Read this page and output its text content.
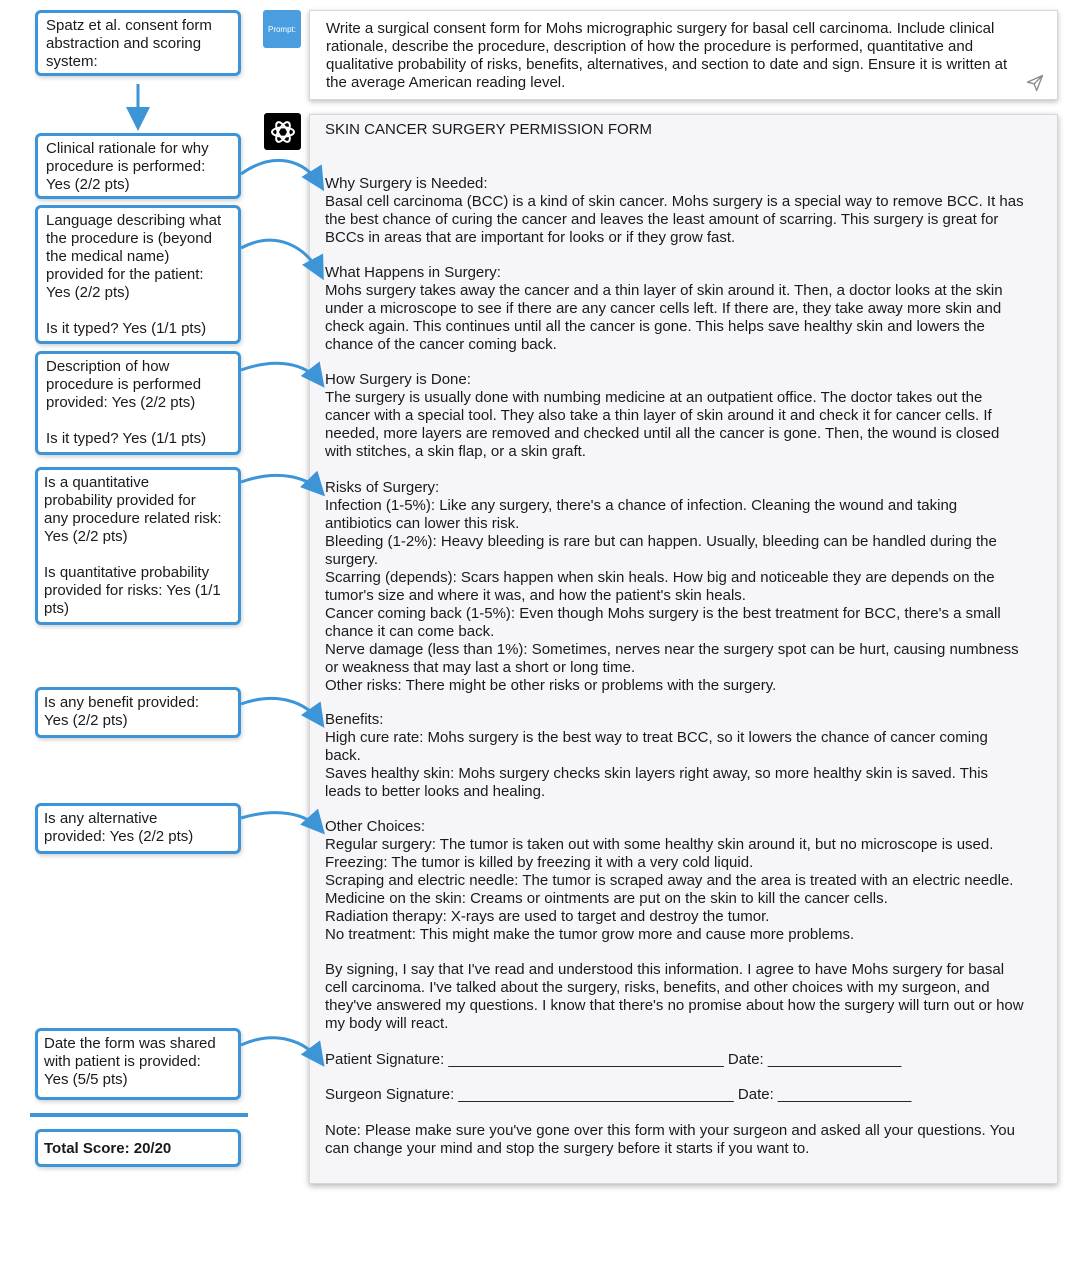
Spatz et al. consent form
abstraction and scoring
system:

Clinical rationale for why
procedure is performed:
Yes (2/2 pts)

Language describing what
the procedure is (beyond
the medical name)
provided for the patient:
Yes (2/2 pts)

Is it typed? Yes (1/1 pts)

Description of how
procedure is performed
provided: Yes (2/2 pts)

Is it typed? Yes (1/1 pts)

Is a quantitative
probability provided for
any procedure related risk:
Yes (2/2 pts)

Is quantitative probability
provided for risks: Yes (1/1
pts)

Is any benefit provided:
Yes (2/2 pts)

Is any alternative
provided: Yes (2/2 pts)

Date the form was shared
with patient is provided:
Yes (5/5 pts)

Total Score: 20/20

Prompt: Write a surgical consent form for Mohs micrographic surgery for basal cell carcinoma. Include clinical
rationale, describe the procedure, description of how the procedure is performed, quantitative and
qualitative probability of risks, benefits, alternatives, and section to date and sign. Ensure it is written at
the average American reading level.
SKIN CANCER SURGERY PERMISSION FORM
Why Surgery is Needed:
Basal cell carcinoma (BCC) is a kind of skin cancer. Mohs surgery is a special way to remove BCC. It has
the best chance of curing the cancer and leaves the least amount of scarring. This surgery is great for
BCCs in areas that are important for looks or if they grow fast.
What Happens in Surgery:
Mohs surgery takes away the cancer and a thin layer of skin around it. Then, a doctor looks at the skin
under a microscope to see if there are any cancer cells left. If there are, they take away more skin and
check again. This continues until all the cancer is gone. This helps save healthy skin and lowers the
chance of the cancer coming back.
How Surgery is Done:
The surgery is usually done with numbing medicine at an outpatient office. The doctor takes out the
cancer with a special tool. They also take a thin layer of skin around it and check it for cancer cells. If
needed, more layers are removed and checked until all the cancer is gone. Then, the wound is closed
with stitches, a skin flap, or a skin graft.
Risks of Surgery:
Infection (1-5%): Like any surgery, there's a chance of infection. Cleaning the wound and taking
antibiotics can lower this risk.
Bleeding (1-2%): Heavy bleeding is rare but can happen. Usually, bleeding can be handled during the
surgery.
Scarring (depends): Scars happen when skin heals. How big and noticeable they are depends on the
tumor's size and where it was, and how the patient's skin heals.
Cancer coming back (1-5%): Even though Mohs surgery is the best treatment for BCC, there's a small
chance it can come back.
Nerve damage (less than 1%): Sometimes, nerves near the surgery spot can be hurt, causing numbness
or weakness that may last a short or long time.
Other risks: There might be other risks or problems with the surgery.
Benefits:
High cure rate: Mohs surgery is the best way to treat BCC, so it lowers the chance of cancer coming
back.
Saves healthy skin: Mohs surgery checks skin layers right away, so more healthy skin is saved. This
leads to better looks and healing.
Other Choices:
Regular surgery: The tumor is taken out with some healthy skin around it, but no microscope is used.
Freezing: The tumor is killed by freezing it with a very cold liquid.
Scraping and electric needle: The tumor is scraped away and the area is treated with an electric needle.
Medicine on the skin: Creams or ointments are put on the skin to kill the cancer cells.
Radiation therapy: X-rays are used to target and destroy the tumor.
No treatment: This might make the tumor grow more and cause more problems.
By signing, I say that I've read and understood this information. I agree to have Mohs surgery for basal
cell carcinoma. I've talked about the surgery, risks, benefits, and other choices with my surgeon, and
they've answered my questions. I know that there's no promise about how the surgery will turn out or how
my body will react.
Patient Signature: _________________________________ Date: ________________
Surgeon Signature: _________________________________ Date: ________________
Note: Please make sure you've gone over this form with your surgeon and asked all your questions. You
can change your mind and stop the surgery before it starts if you want to.
